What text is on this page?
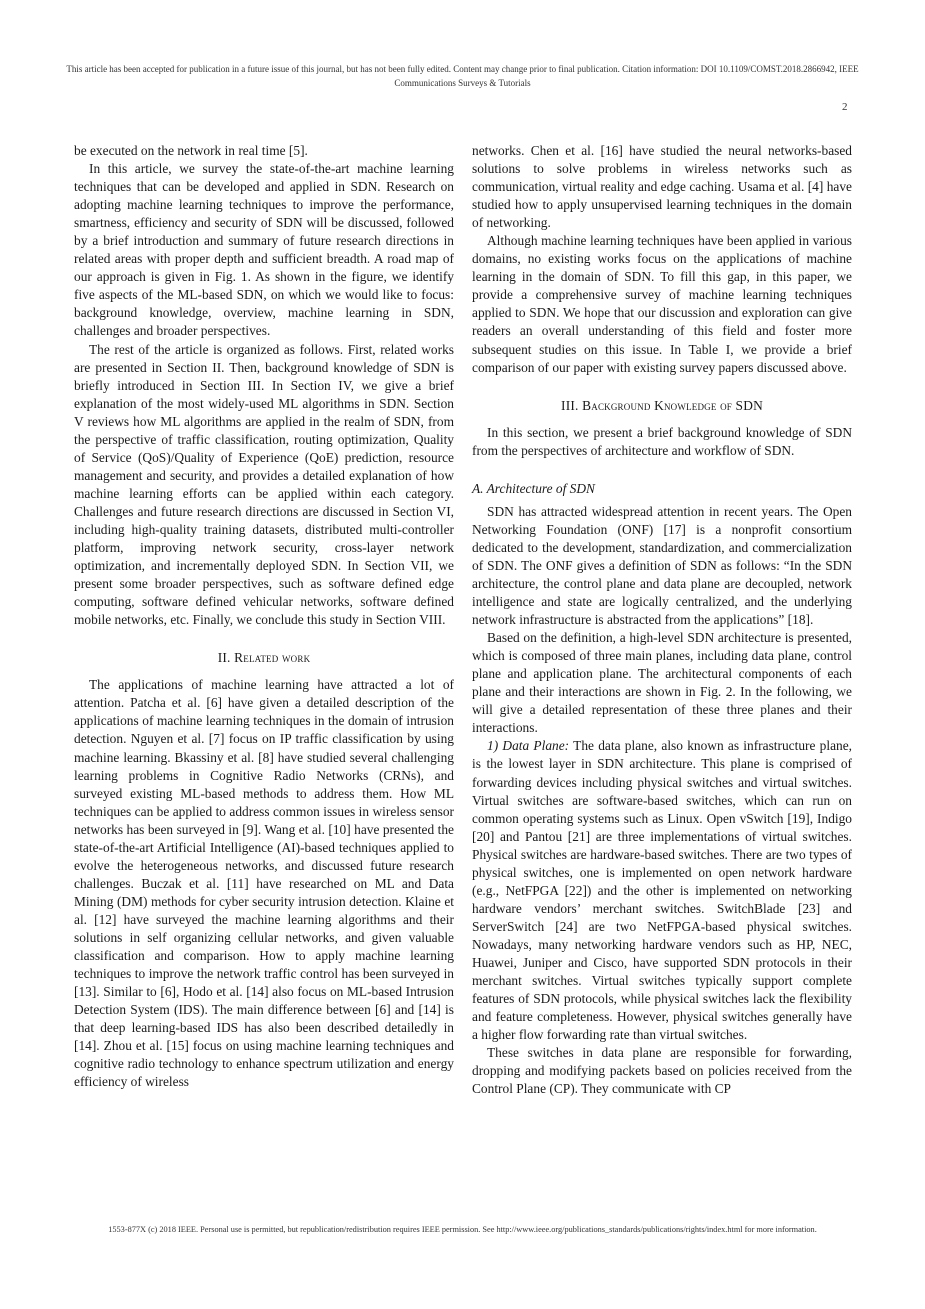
This article has been accepted for publication in a future issue of this journal, but has not been fully edited. Content may change prior to final publication. Citation information: DOI 10.1109/COMST.2018.2866942, IEEE
Communications Surveys & Tutorials
2

be executed on the network in real time [5].

In this article, we survey the state-of-the-art machine learning techniques that can be developed and applied in SDN. Research on adopting machine learning techniques to improve the performance, smartness, efficiency and security of SDN will be discussed, followed by a brief introduction and summary of future research directions in related areas with proper depth and sufficient breadth. A road map of our approach is given in Fig. 1. As shown in the figure, we identify five aspects of the ML-based SDN, on which we would like to focus: background knowledge, overview, machine learning in SDN, challenges and broader perspectives.

The rest of the article is organized as follows. First, related works are presented in Section II. Then, background knowledge of SDN is briefly introduced in Section III. In Section IV, we give a brief explanation of the most widely-used ML algorithms in SDN. Section V reviews how ML algorithms are applied in the realm of SDN, from the perspective of traffic classification, routing optimization, Quality of Service (QoS)/Quality of Experience (QoE) prediction, resource management and security, and provides a detailed explanation of how machine learning efforts can be applied within each category. Challenges and future research directions are discussed in Section VI, including high-quality training datasets, distributed multi-controller platform, improving network security, cross-layer network optimization, and incrementally deployed SDN. In Section VII, we present some broader perspectives, such as software defined edge computing, software defined vehicular networks, software defined mobile networks, etc. Finally, we conclude this study in Section VIII.

II. Related work

The applications of machine learning have attracted a lot of attention. Patcha et al. [6] have given a detailed description of the applications of machine learning techniques in the domain of intrusion detection. Nguyen et al. [7] focus on IP traffic classification by using machine learning. Bkassiny et al. [8] have studied several challenging learning problems in Cognitive Radio Networks (CRNs), and surveyed existing ML-based methods to address them. How ML techniques can be applied to address common issues in wireless sensor networks has been surveyed in [9]. Wang et al. [10] have presented the state-of-the-art Artificial Intelligence (AI)-based techniques applied to evolve the heterogeneous networks, and discussed future research challenges. Buczak et al. [11] have researched on ML and Data Mining (DM) methods for cyber security intrusion detection. Klaine et al. [12] have surveyed the machine learning algorithms and their solutions in self organizing cellular networks, and given valuable classification and comparison. How to apply machine learning techniques to improve the network traffic control has been surveyed in [13]. Similar to [6], Hodo et al. [14] also focus on ML-based Intrusion Detection System (IDS). The main difference between [6] and [14] is that deep learning-based IDS has also been described detailedly in [14]. Zhou et al. [15] focus on using machine learning techniques and cognitive radio technology to enhance spectrum utilization and energy efficiency of wireless

networks. Chen et al. [16] have studied the neural networks-based solutions to solve problems in wireless networks such as communication, virtual reality and edge caching. Usama et al. [4] have studied how to apply unsupervised learning techniques in the domain of networking.

Although machine learning techniques have been applied in various domains, no existing works focus on the applications of machine learning in the domain of SDN. To fill this gap, in this paper, we provide a comprehensive survey of machine learning techniques applied to SDN. We hope that our discussion and exploration can give readers an overall understanding of this field and foster more subsequent studies on this issue. In Table I, we provide a brief comparison of our paper with existing survey papers discussed above.

III. Background Knowledge of SDN

In this section, we present a brief background knowledge of SDN from the perspectives of architecture and workflow of SDN.

A. Architecture of SDN

SDN has attracted widespread attention in recent years. The Open Networking Foundation (ONF) [17] is a nonprofit consortium dedicated to the development, standardization, and commercialization of SDN. The ONF gives a definition of SDN as follows: “In the SDN architecture, the control plane and data plane are decoupled, network intelligence and state are logically centralized, and the underlying network infrastructure is abstracted from the applications” [18].

Based on the definition, a high-level SDN architecture is presented, which is composed of three main planes, including data plane, control plane and application plane. The architectural components of each plane and their interactions are shown in Fig. 2. In the following, we will give a detailed representation of these three planes and their interactions.

1) Data Plane: The data plane, also known as infrastructure plane, is the lowest layer in SDN architecture. This plane is comprised of forwarding devices including physical switches and virtual switches. Virtual switches are software-based switches, which can run on common operating systems such as Linux. Open vSwitch [19], Indigo [20] and Pantou [21] are three implementations of virtual switches. Physical switches are hardware-based switches. There are two types of physical switches, one is implemented on open network hardware (e.g., NetFPGA [22]) and the other is implemented on networking hardware vendors’ merchant switches. SwitchBlade [23] and ServerSwitch [24] are two NetFPGA-based physical switches. Nowadays, many networking hardware vendors such as HP, NEC, Huawei, Juniper and Cisco, have supported SDN protocols in their merchant switches. Virtual switches typically support complete features of SDN protocols, while physical switches lack the flexibility and feature completeness. However, physical switches generally have a higher flow forwarding rate than virtual switches.

These switches in data plane are responsible for forwarding, dropping and modifying packets based on policies received from the Control Plane (CP). They communicate with CP

1553-877X (c) 2018 IEEE. Personal use is permitted, but republication/redistribution requires IEEE permission. See http://www.ieee.org/publications_standards/publications/rights/index.html for more information.
